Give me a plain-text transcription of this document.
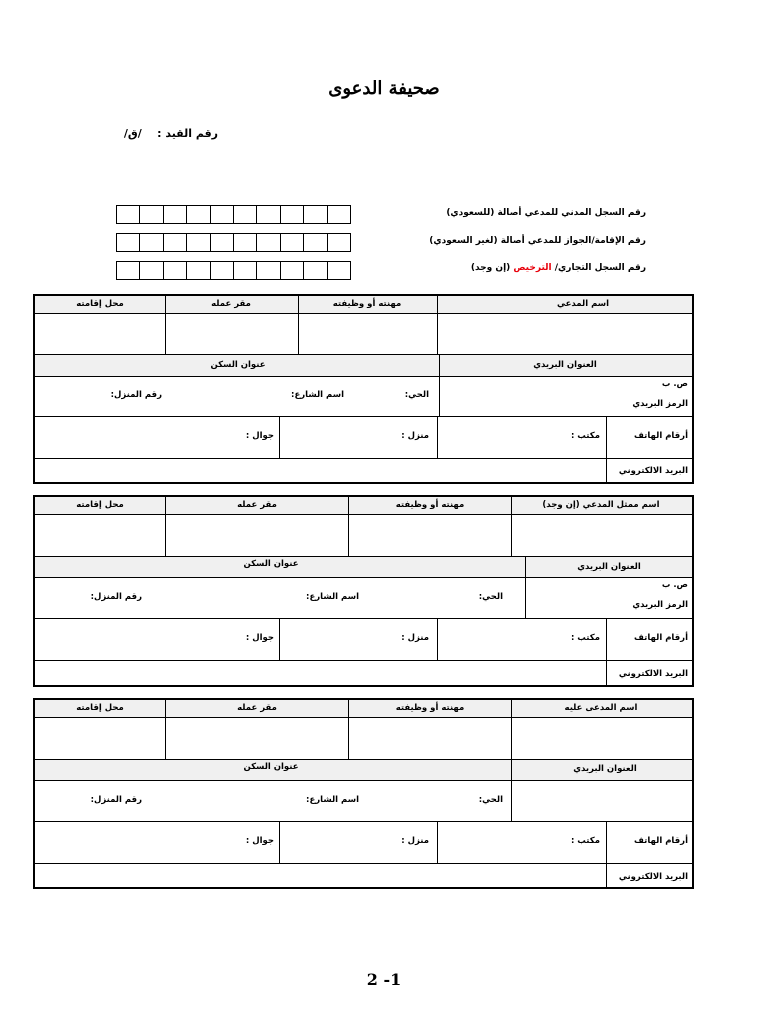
صحيفة الدعوى
رقم القيد :    /ق/
رقم السجل المدني للمدعي أصالة (للسعودي)
رقم الإقامة/الجواز للمدعي أصالة (لغير السعودي)
رقم السجل التجاري/ الترخيص (إن وجد)
اسم المدعي
مهنته أو وظيفته
مقر عمله
محل إقامته
العنوان البريدي
عنوان السكن
ص. ب
الرمز البريدي
الحي:
اسم الشارع:
رقم المنزل:
أرقام الهاتف
مكتب :
منزل :
جوال :
البريد الالكتروني
اسم ممثل المدعي (إن وجد)
مهنته أو وظيفته
مقر عمله
محل إقامته
العنوان البريدي
عنوان السكن
ص. ب
الرمز البريدي
الحي:
اسم الشارع:
رقم المنزل:
أرقام الهاتف
مكتب :
منزل :
جوال :
البريد الالكتروني
اسم المدعى عليه
مهنته أو وظيفته
مقر عمله
محل إقامته
العنوان البريدي
عنوان السكن
الحي:
اسم الشارع:
رقم المنزل:
أرقام الهاتف
مكتب :
منزل :
جوال :
البريد الالكتروني
2 -1
